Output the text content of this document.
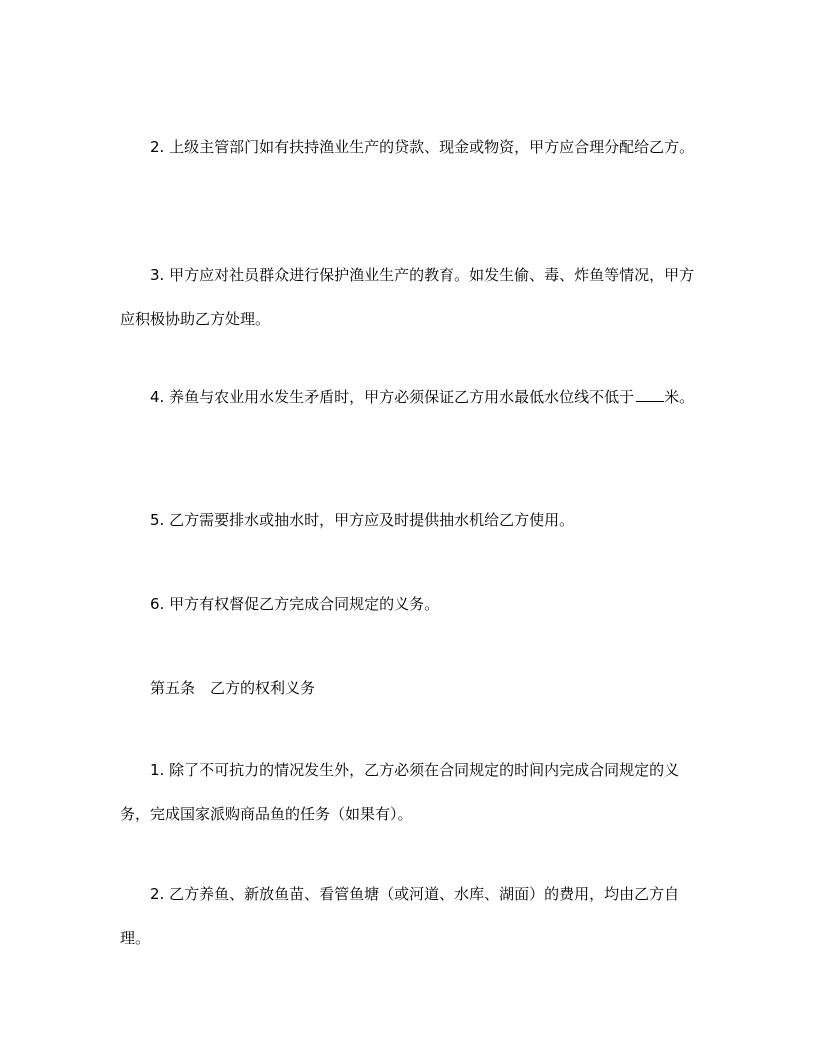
2. 上级主管部门如有扶持渔业生产的贷款、现金或物资，甲方应合理分配给乙方。

3. 甲方应对社员群众进行保护渔业生产的教育。如发生偷、毒、炸鱼等情况，甲方应积极协助乙方处理。

4. 养鱼与农业用水发生矛盾时，甲方必须保证乙方用水最低水位线不低于 米。

5. 乙方需要排水或抽水时，甲方应及时提供抽水机给乙方使用。

6. 甲方有权督促乙方完成合同规定的义务。

第五条　乙方的权利义务

1. 除了不可抗力的情况发生外，乙方必须在合同规定的时间内完成合同规定的义务，完成国家派购商品鱼的任务（如果有）。

2. 乙方养鱼、新放鱼苗、看管鱼塘（或河道、水库、湖面）的费用，均由乙方自理。
